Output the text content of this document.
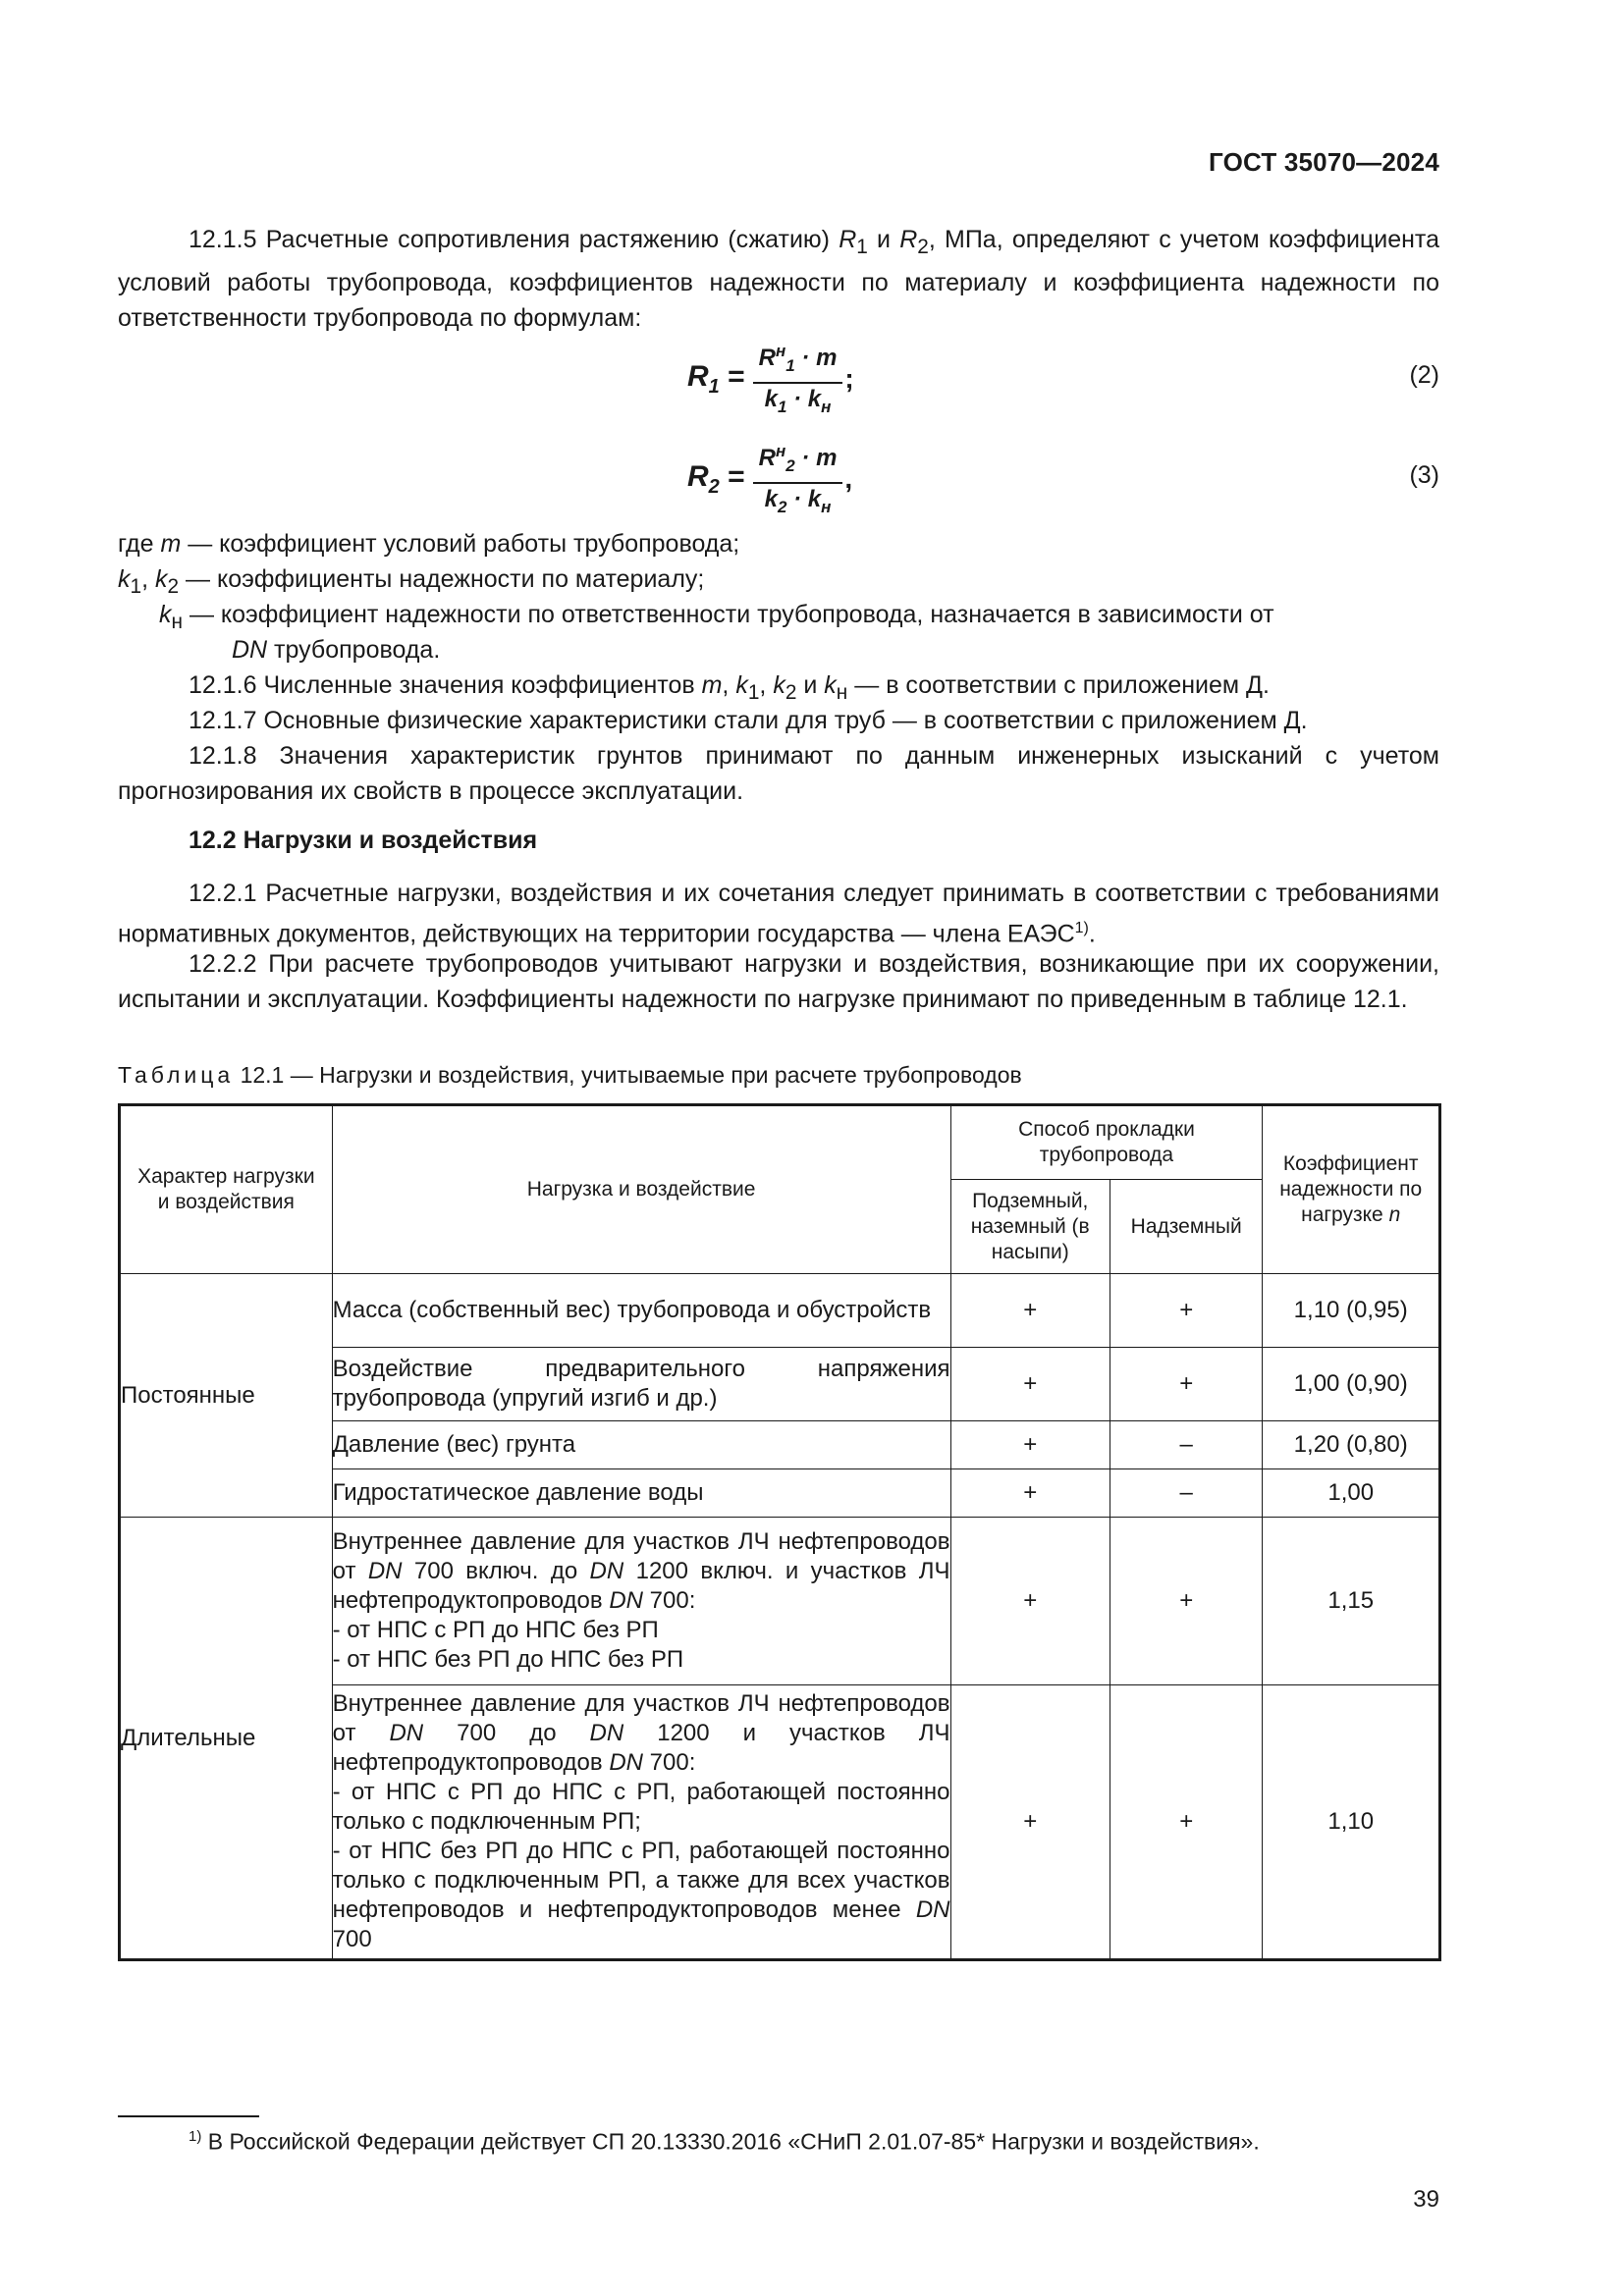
ГОСТ 35070—2024

12.1.5 Расчетные сопротивления растяжению (сжатию) $R_1$ и $R_2$, МПа, определяют с учетом коэффициента условий работы трубопровода, коэффициентов надежности по материалу и коэффициента надежности по ответственности трубопровода по формулам:

$R_1 = \frac{R^н_1 \cdot m}{k_1 \cdot k_н}$ ;	(2)
$R_2 = \frac{R^н_2 \cdot m}{k_2 \cdot k_н}$ ,	(3)
где m — коэффициент условий работы трубопровода;
$k_1$, $k_2$ — коэффициенты надежности по материалу;
$k_н$ — коэффициент надежности по ответственности трубопровода, назначается в зависимости от
DN трубопровода.

12.1.6 Численные значения коэффициентов m, $k_1$, $k_2$ и $k_н$ — в соответствии с приложением Д.

12.1.7 Основные физические характеристики стали для труб — в соответствии с приложением Д.

12.1.8 Значения характеристик грунтов принимают по данным инженерных изысканий с учетом прогнозирования их свойств в процессе эксплуатации.

12.2 Нагрузки и воздействия

12.2.1 Расчетные нагрузки, воздействия и их сочетания следует принимать в соответствии с требованиями нормативных документов, действующих на территории государства — члена ЕАЭС$^{1)}$.

12.2.2 При расчете трубопроводов учитывают нагрузки и воздействия, возникающие при их сооружении, испытании и эксплуатации. Коэффициенты надежности по нагрузке принимают по приведенным в таблице 12.1.

Таблица 12.1 — Нагрузки и воздействия, учитываемые при расчете трубопроводов
Характер нагрузки и воздействия	Нагрузка и воздействие	Способ прокладки трубопровода		Коэффициент надежности по нагрузке n
		Подземный, наземный (в насыпи)	Надземный	
Постоянные	Масса (собственный вес) трубопровода и обустройств	+	+	1,10 (0,95)
	Воздействие предварительного напряжения трубопровода (упругий изгиб и др.)	+	+	1,00 (0,90)
	Давление (вес) грунта	+	–	1,20 (0,80)
	Гидростатическое давление воды	+	–	1,00
Длительные	Внутреннее давление для участков ЛЧ нефтепроводов от DN 700 включ. до DN 1200 включ. и участков ЛЧ нефтепродуктопроводов DN 700:
- от НПС с РП до НПС без РП
- от НПС без РП до НПС без РП	+	+	1,15

	Внутреннее давление для участков ЛЧ нефтепроводов от DN 700 до DN 1200 и участков ЛЧ нефтепродуктопроводов DN 700:
- от НПС с РП до НПС с РП, работающей постоянно только с подключенным РП;
- от НПС без РП до НПС с РП, работающей постоянно только с подключенным РП, а также для всех участков нефтепроводов и нефтепродуктопроводов менее DN 700	+	+	1,10
$^{1)}$ В Российской Федерации действует СП 20.13330.2016 «СНиП 2.01.07-85* Нагрузки и воздействия».
39
